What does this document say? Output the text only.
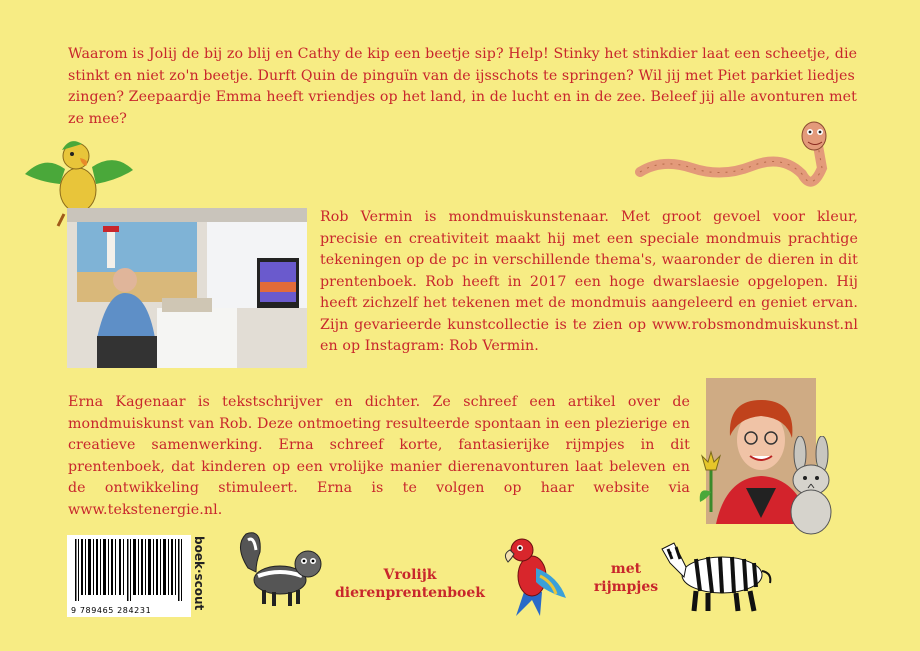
Waarom is Jolij de bij zo blij en Cathy de kip een beetje sip? Help! Stinky het stinkdier laat een scheetje, die stinkt en niet zo'n beetje. Durft Quin de pinguïn van de ijsschots te springen? Wil jij met Piet parkiet liedjes zingen? Zeepaardje Emma heeft vriendjes op het land, in de lucht en in de zee. Beleef jij alle avonturen met ze mee?

Rob Vermin is mondmuiskunstenaar. Met groot gevoel voor kleur, precisie en creativiteit maakt hij met een speciale mondmuis prachtige tekeningen op de pc in verschillende thema's, waaronder de dieren in dit prentenboek. Rob heeft in 2017 een hoge dwarslaesie opgelopen. Hij heeft zichzelf het tekenen met de mondmuis aangeleerd en geniet ervan. Zijn gevarieerde kunstcollectie is te zien op www.robsmondmuiskunst.nl en op Instagram: Rob Vermin.

Erna Kagenaar is tekstschrijver en dichter. Ze schreef een artikel over de mondmuiskunst van Rob. Deze ontmoeting resulteerde spontaan in een plezierige en creatieve samenwerking. Erna schreef korte, fantasierijke rijmpjes in dit prentenboek, dat kinderen op een vrolijke manier dierenavonturen laat beleven en de ontwikkeling stimuleert. Erna is te volgen op haar website via www.tekstenergie.nl.

9 789465 284231
boek·scout	Vrolijk
dierenprentenboek
met
rijmpjes
